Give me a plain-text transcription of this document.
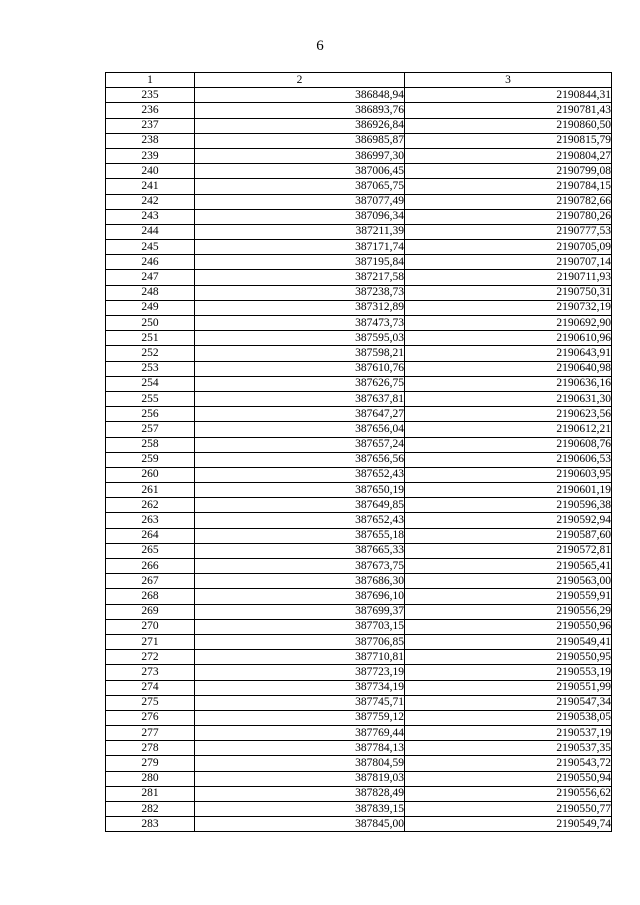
6
1	2	3
235	386848,94	2190844,31
236	386893,76	2190781,43
237	386926,84	2190860,50
238	386985,87	2190815,79
239	386997,30	2190804,27
240	387006,45	2190799,08
241	387065,75	2190784,15
242	387077,49	2190782,66
243	387096,34	2190780,26
244	387211,39	2190777,53
245	387171,74	2190705,09
246	387195,84	2190707,14
247	387217,58	2190711,93
248	387238,73	2190750,31
249	387312,89	2190732,19
250	387473,73	2190692,90
251	387595,03	2190610,96
252	387598,21	2190643,91
253	387610,76	2190640,98
254	387626,75	2190636,16
255	387637,81	2190631,30
256	387647,27	2190623,56
257	387656,04	2190612,21
258	387657,24	2190608,76
259	387656,56	2190606,53
260	387652,43	2190603,95
261	387650,19	2190601,19
262	387649,85	2190596,38
263	387652,43	2190592,94
264	387655,18	2190587,60
265	387665,33	2190572,81
266	387673,75	2190565,41
267	387686,30	2190563,00
268	387696,10	2190559,91
269	387699,37	2190556,29
270	387703,15	2190550,96
271	387706,85	2190549,41
272	387710,81	2190550,95
273	387723,19	2190553,19
274	387734,19	2190551,99
275	387745,71	2190547,34
276	387759,12	2190538,05
277	387769,44	2190537,19
278	387784,13	2190537,35
279	387804,59	2190543,72
280	387819,03	2190550,94
281	387828,49	2190556,62
282	387839,15	2190550,77
283	387845,00	2190549,74
